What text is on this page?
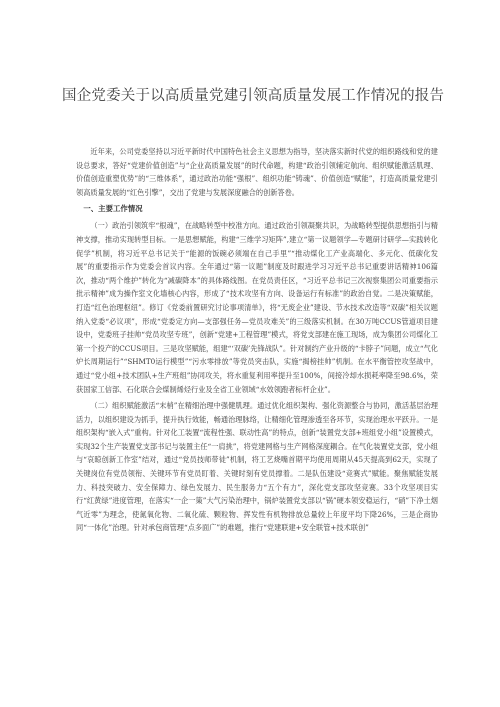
国企党委关于以高质量党建引领高质量发展工作情况的报告

近年来，公司党委坚持以习近平新时代中国特色社会主义思想为指导，坚决落实新时代党的组织路线和党的建设总要求，答好“党建价值创造”与“企业高质量发展”的时代命题，构建“政治引领辅定航向、组织赋能激活肌理、价值创造重塑优势”的“三维体系”，通过政治功能“强根”、组织功能“铸魂”、价值创造“赋能”，打造高质量党建引领高质量发展的“红色引擎”，交出了党建与发展深度融合的创新答卷。

一、主要工作情况

（一）政治引领筑牢“根魂”，在战略转型中校准方向。通过政治引领凝聚共识，为战略转型提供思想指引与精神支撑，推动实现转型目标。一是思想赋能，构建“三维学习矩阵”,建立“第一议题领学—专题研讨研学—实践转化促学”机制，将习近平总书记关于“能源的饭碗必须端在自己手里”“推动煤化工产业高端化、多元化、低碳化发展”的重要指示作为党委会首议内容。全年通过“第一议题”制度及时跟进学习习近平总书记重要讲话精神106篇次，推动“两个维护”转化为“减碳降本”的具体路线图。在党员责任区，“习近平总书记三次视察集团公司重要指示批示精神”成为操作室文化墙核心内容，形成了“技术攻坚有方向、设备运行有标准”的政治自觉。二是决策赋能，打造“红色治理枢纽”。修订《党委前置研究讨论事项清单》，将“无废企业”建设、节水技术改造等“双碳”相关议题纳入党委“必议项”，形成“党委定方向—支部强任务—党员攻难关”的三级落实机制。在30万吨CCUS管道项目建设中，党委班子挂帅“党员攻坚专班”，创新“党建+工程管理”模式，将党支部建在施工现场，成为集团公司煤化工第一个投产的CCUS项目。三是攻坚赋能，组建“‘双碳’先锋战队”。针对制约产业升级的“卡脖子”问题，成立“气化炉长周期运行”“SHMT0运行模型”“污水零排放”等党员突击队，实施“揭榜挂帅”机制。在水平衡管控攻坚战中，通过“党小组+技术团队+生产班组”协同攻关，将水重复利用率提升至100%，间接冷却水损耗率降至98.6%，荣获国家工信部、石化联合会煤制烯烃行业及全省工业领域“水效领跑者标杆企业”。

（二）组织赋能激活“末梢”在精细治理中强健肌理。通过优化组织架构、强化资源整合与协同，激活基层治理活力，以组织建设为抓手，提升执行效能，畅通治理脉络，让精细化管理渗透至各环节，实现治理水平跃升。一是组织架构“嵌入式”重构。针对化工装置“流程性强、联动性高”的特点，创新“装置党支部+班组党小组”设置模式，实现32个生产装置党支部书记与装置主任“一肩挑”，将党建网格与生产网格深度耦合。在气化装置党支部，党小组与“哀晾创新工作室”结对，通过“党员技师带徒”机制，将工艺烧嘴首期平均使用周期从45天提高到62天，实现了关键岗位有党员领衔、关键环节有党员盯着、关键时刻有党员撑着。二是队伍建设“竞赛式”赋能。聚焦赋能发展力、科技突破力、安全保障力、绿色发展力、民生服务力“五个有力”，深化党支部攻坚竞赛。33个攻坚项目实行“红黄绿”进度管理，在落实“一企一策”大气污染治理中，锅炉装置党支部以“锅”硬本领安稳运行，“硝”下净土烟气近零”为理念，使氮氧化物、二氧化硫、颗粒物、挥发性有机物排放总量较上年度平均下降26%，三是企商协同“一体化”治理。针对承包商管理“点多面广”的难题，推行“党建联建+安全联管+技术联创”
